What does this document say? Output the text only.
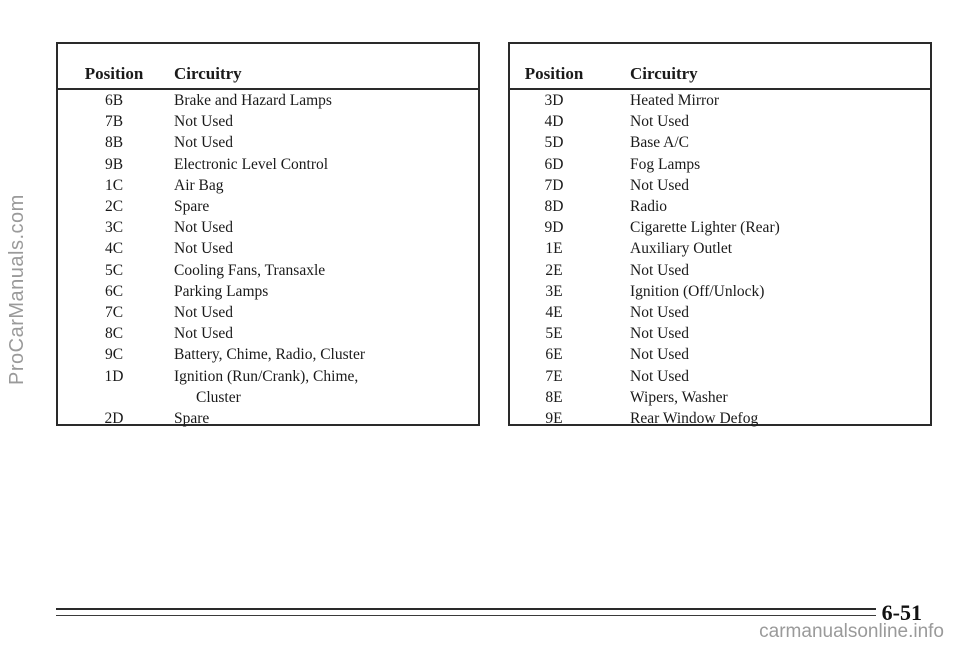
ProCarManuals.com
Position	Circuitry
6B	Brake and Hazard Lamps
7B	Not Used
8B	Not Used
9B	Electronic Level Control
1C	Air Bag
2C	Spare
3C	Not Used
4C	Not Used
5C	Cooling Fans, Transaxle
6C	Parking Lamps
7C	Not Used
8C	Not Used
9C	Battery, Chime, Radio, Cluster
1D	Ignition (Run/Crank), Chime,
Cluster
2D	Spare
Position	Circuitry
3D	Heated Mirror
4D	Not Used
5D	Base A/C
6D	Fog Lamps
7D	Not Used
8D	Radio
9D	Cigarette Lighter (Rear)
1E	Auxiliary Outlet
2E	Not Used
3E	Ignition (Off/Unlock)
4E	Not Used
5E	Not Used
6E	Not Used
7E	Not Used
8E	Wipers, Washer
9E	Rear Window Defog
6-51
carmanualsonline.info
